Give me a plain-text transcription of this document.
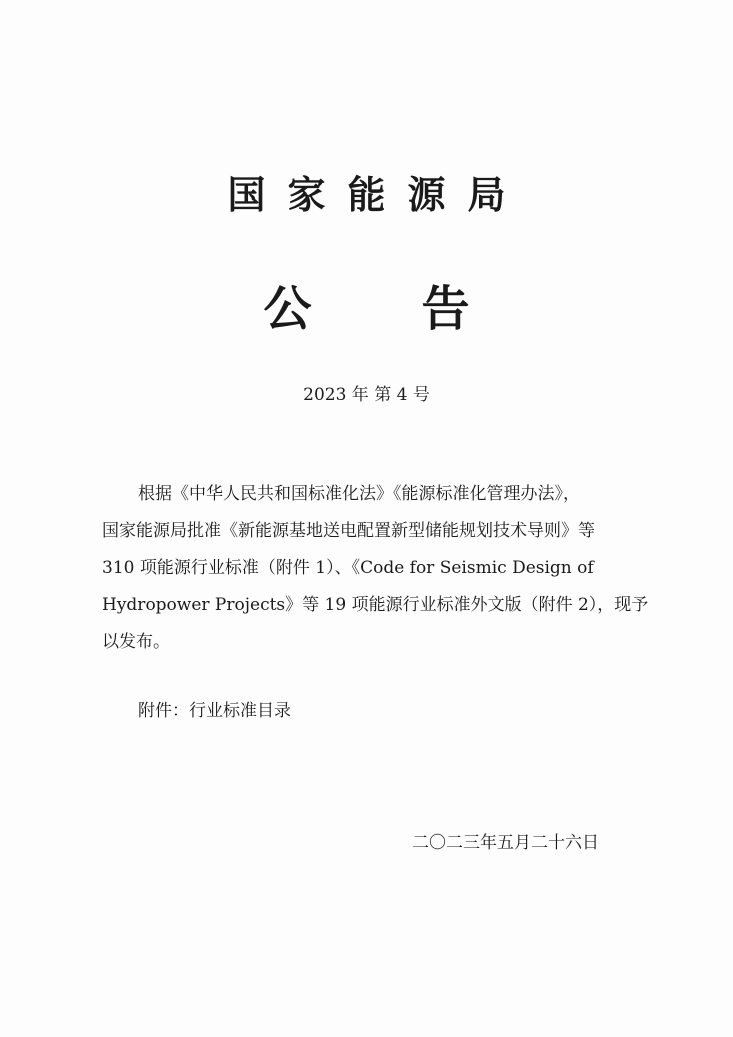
国家能源局
公告
2023 年 第 4 号
根据《中华人民共和国标准化法》《能源标准化管理办法》，
国家能源局批准《新能源基地送电配置新型储能规划技术导则》等
310 项能源行业标准（附件 1）、《Code for Seismic Design of
Hydropower Projects》等 19 项能源行业标准外文版（附件 2），现予
以发布。
附件：行业标准目录
二〇二三年五月二十六日
